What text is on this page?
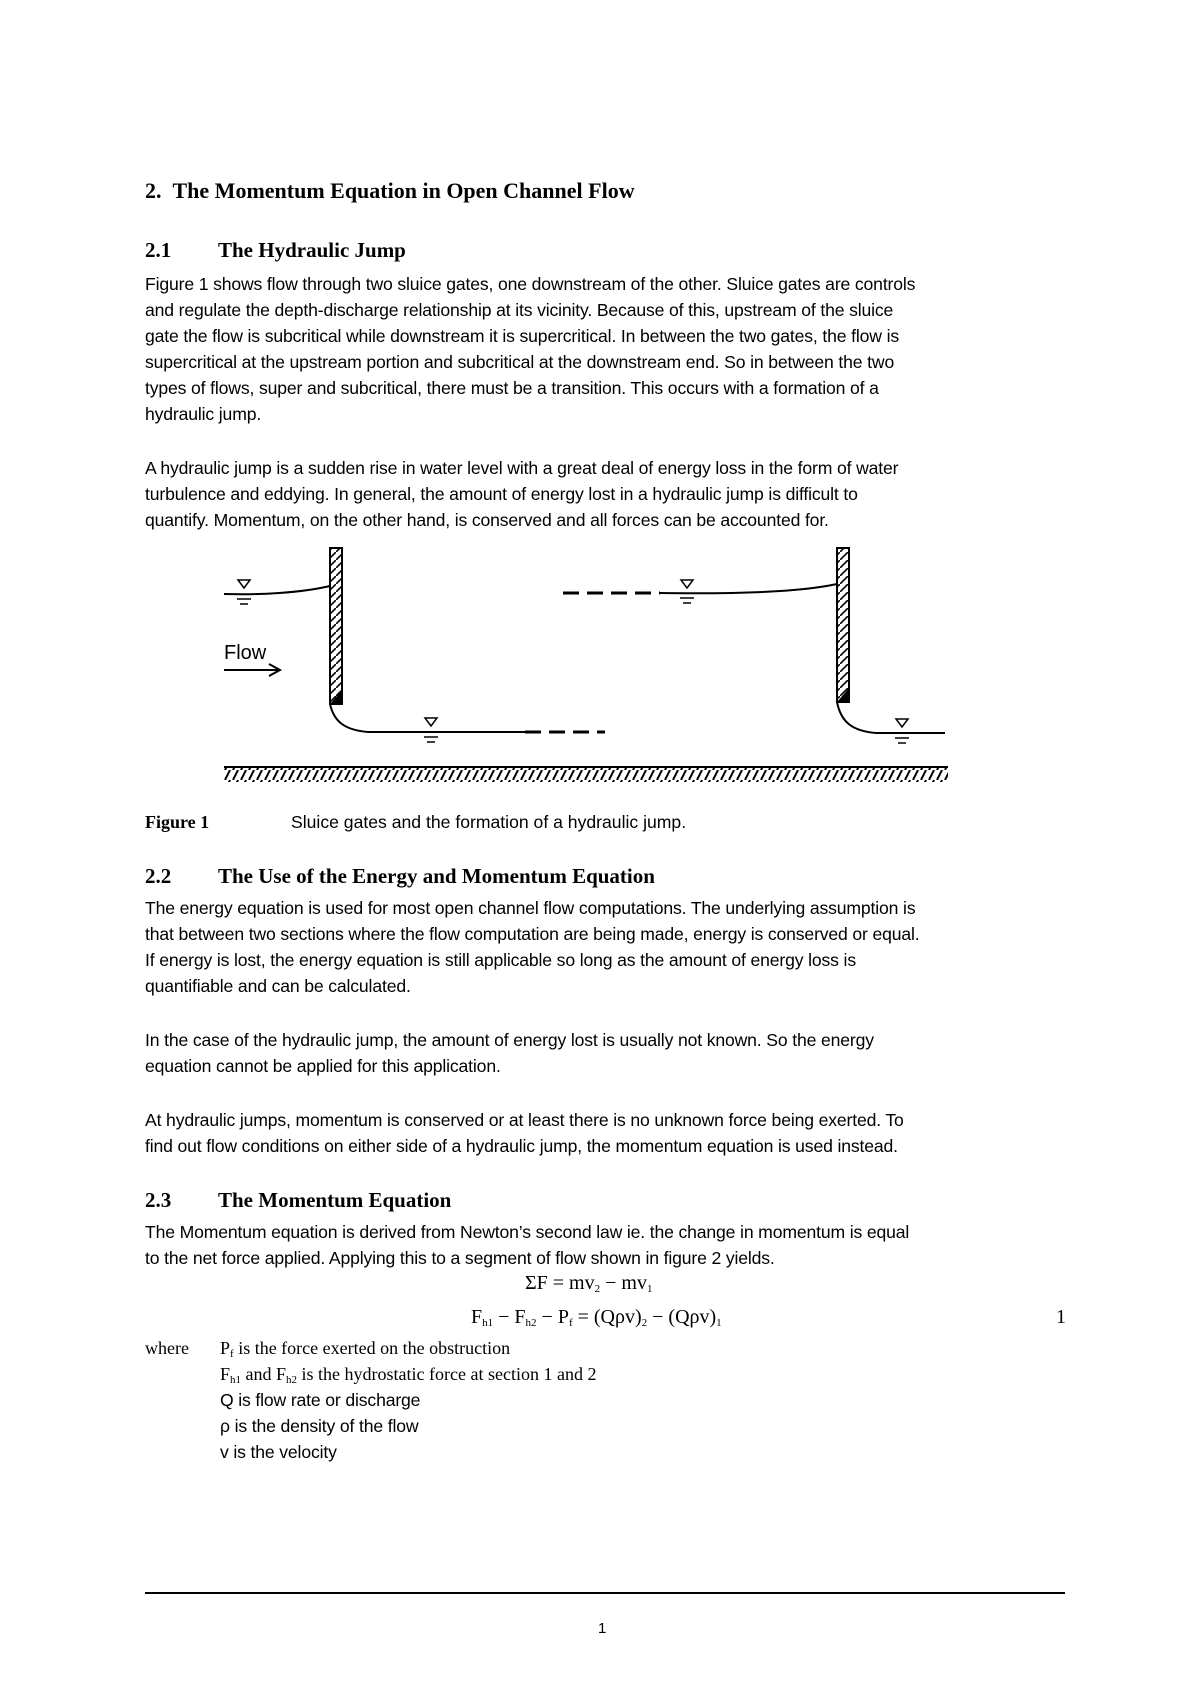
2. The Momentum Equation in Open Channel Flow
2.1 The Hydraulic Jump
Figure 1 shows flow through two sluice gates, one downstream of the other. Sluice gates are controls
and regulate the depth-discharge relationship at its vicinity. Because of this, upstream of the sluice
gate the flow is subcritical while downstream it is supercritical. In between the two gates, the flow is
supercritical at the upstream portion and subcritical at the downstream end. So in between the two
types of flows, super and subcritical, there must be a transition. This occurs with a formation of a
hydraulic jump.
A hydraulic jump is a sudden rise in water level with a great deal of energy loss in the form of water
turbulence and eddying. In general, the amount of energy lost in a hydraulic jump is difficult to
quantify. Momentum, on the other hand, is conserved and all forces can be accounted for.
Flow
Figure 1	Sluice gates and the formation of a hydraulic jump.
2.2 The Use of the Energy and Momentum Equation
The energy equation is used for most open channel flow computations. The underlying assumption is
that between two sections where the flow computation are being made, energy is conserved or equal.
If energy is lost, the energy equation is still applicable so long as the amount of energy loss is
quantifiable and can be calculated.
In the case of the hydraulic jump, the amount of energy lost is usually not known. So the energy
equation cannot be applied for this application.
At hydraulic jumps, momentum is conserved or at least there is no unknown force being exerted. To
find out flow conditions on either side of a hydraulic jump, the momentum equation is used instead.
2.3 The Momentum Equation
The Momentum equation is derived from Newton’s second law ie. the change in momentum is equal
to the net force applied. Applying this to a segment of flow shown in figure 2 yields.
$\Sigma F = mv_2 - mv_1$
$F_{h1} - F_{h2} - P_f = (Q\rho v)_2 - (Q\rho v)_1$	1
where $P_f$ is the force exerted on the obstruction
$F_{h1}$ and $F_{h2}$ is the hydrostatic force at section 1 and 2
Q is flow rate or discharge
ρ is the density of the flow
v is the velocity
1
